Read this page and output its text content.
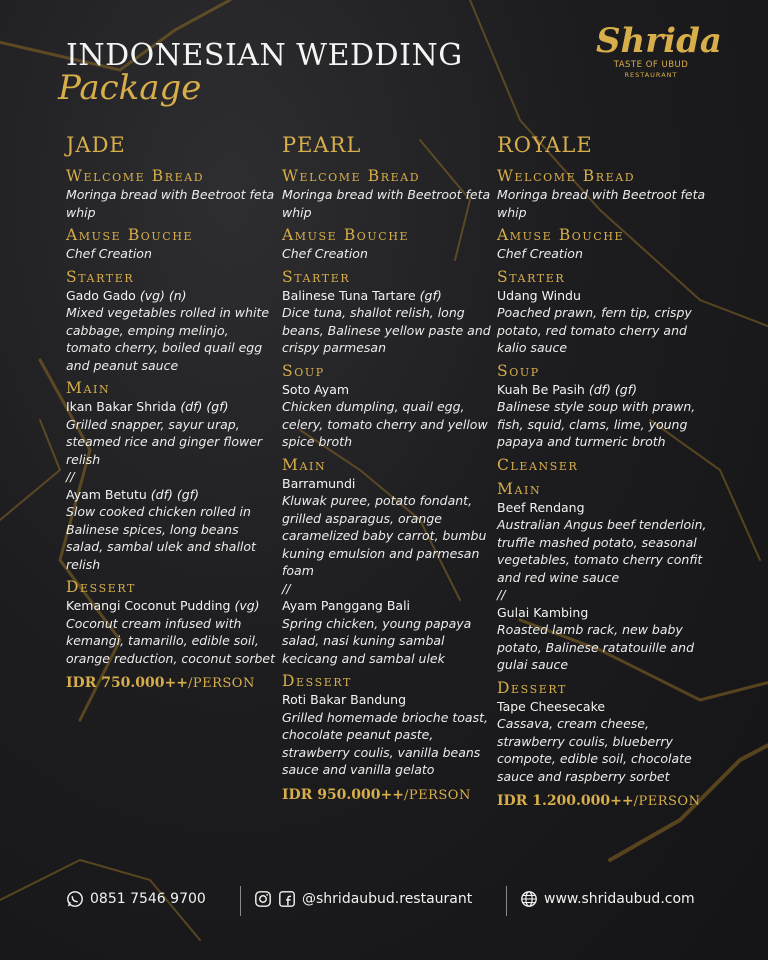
INDONESIAN WEDDING
Package
Shrida
TASTE OF UBUD
RESTAURANT
JADE
Welcome Bread
Moringa bread with Beetroot feta whip
Amuse Bouche
Chef Creation
Starter
Gado Gado (vg) (n)
Mixed vegetables rolled in white cabbage, emping melinjo, tomato cherry, boiled quail egg and peanut sauce
Main
Ikan Bakar Shrida (df) (gf)
Grilled snapper, sayur urap, steamed rice and ginger flower relish
//
Ayam Betutu (df) (gf)
Slow cooked chicken rolled in Balinese spices, long beans salad, sambal ulek and shallot relish
Dessert
Kemangi Coconut Pudding (vg)
Coconut cream infused with kemangi, tamarillo, edible soil, orange reduction, coconut sorbet
IDR 750.000++/PERSON
PEARL
Welcome Bread
Moringa bread with Beetroot feta whip
Amuse Bouche
Chef Creation
Starter
Balinese Tuna Tartare (gf)
Dice tuna, shallot relish, long beans, Balinese yellow paste and crispy parmesan
Soup
Soto Ayam
Chicken dumpling, quail egg, celery, tomato cherry and yellow spice broth
Main
Barramundi
Kluwak puree, potato fondant, grilled asparagus, orange caramelized baby carrot, bumbu kuning emulsion and parmesan foam
//
Ayam Panggang Bali
Spring chicken, young papaya salad, nasi kuning sambal kecicang and sambal ulek
Dessert
Roti Bakar Bandung
Grilled homemade brioche toast, chocolate peanut paste, strawberry coulis, vanilla beans sauce and vanilla gelato
IDR 950.000++/PERSON
ROYALE
Welcome Bread
Moringa bread with Beetroot feta whip
Amuse Bouche
Chef Creation
Starter
Udang Windu
Poached prawn, fern tip, crispy potato, red tomato cherry and kalio sauce
Soup
Kuah Be Pasih (df) (gf)
Balinese style soup with prawn, fish, squid, clams, lime, young papaya and turmeric broth
Cleanser
Main
Beef Rendang
Australian Angus beef tenderloin, truffle mashed potato, seasonal vegetables, tomato cherry confit and red wine sauce
//
Gulai Kambing
Roasted lamb rack, new baby potato, Balinese ratatouille and gulai sauce
Dessert
Tape Cheesecake
Cassava, cream cheese, strawberry coulis, blueberry compote, edible soil, chocolate sauce and raspberry sorbet
IDR 1.200.000++/PERSON
0851 7546 9700	@shridaubud.restaurant	www.shridaubud.com
